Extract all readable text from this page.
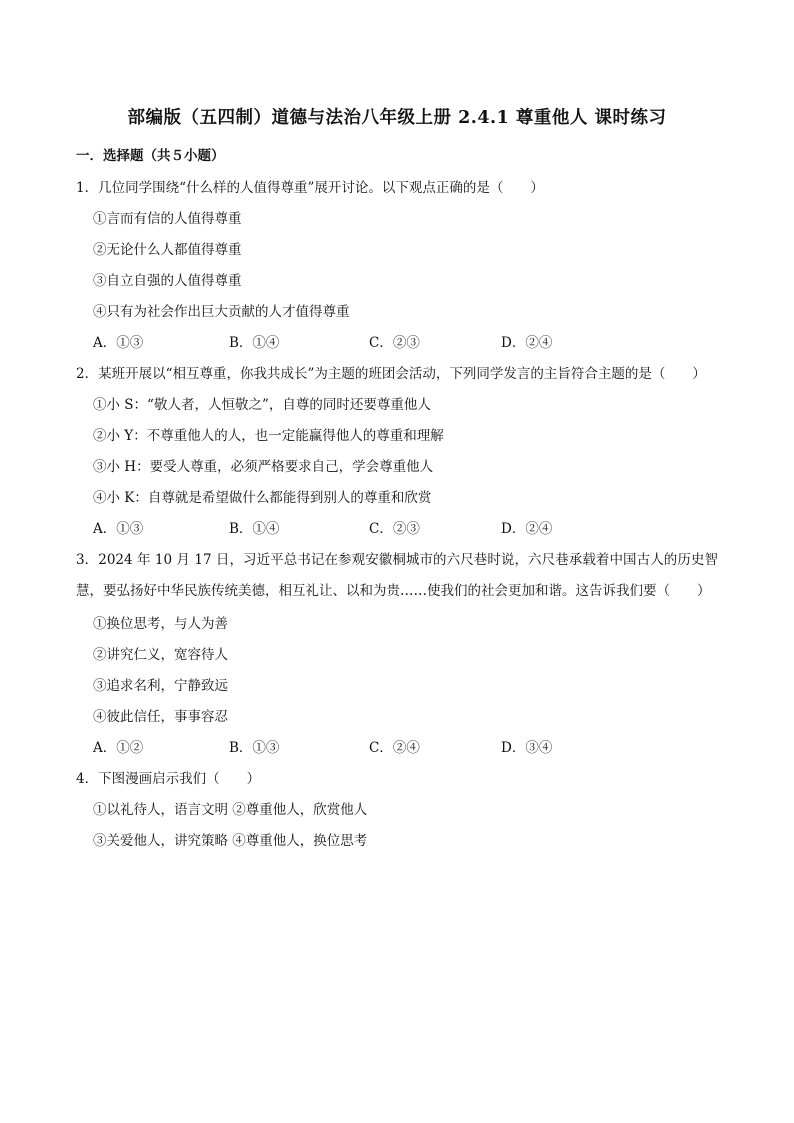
部编版（五四制）道德与法治八年级上册 2.4.1 尊重他人 课时练习
一．选择题（共５小题）
1．几位同学围绕“什么样的人值得尊重”展开讨论。以下观点正确的是（　　）
①言而有信的人值得尊重
②无论什么人都值得尊重
③自立自强的人值得尊重
④只有为社会作出巨大贡献的人才值得尊重
A．①③	B．①④	C．②③	D．②④
2．某班开展以“相互尊重，你我共成长”为主题的班团会活动，下列同学发言的主旨符合主题的是（　　）
①小 S：“敬人者，人恒敬之”，自尊的同时还要尊重他人
②小 Y：不尊重他人的人，也一定能赢得他人的尊重和理解
③小 H：要受人尊重，必须严格要求自己，学会尊重他人
④小 K：自尊就是希望做什么都能得到别人的尊重和欣赏
A．①③	B．①④	C．②③	D．②④
3．2024 年 10 月 17 日，习近平总书记在参观安徽桐城市的六尺巷时说，六尺巷承载着中国古人的历史智
慧，要弘扬好中华民族传统美德，相互礼让、以和为贵……使我们的社会更加和谐。这告诉我们要（　　）
①换位思考，与人为善
②讲究仁义，宽容待人
③追求名利，宁静致远
④彼此信任，事事容忍
A．①②	B．①③	C．②④	D．③④
4．下图漫画启示我们（　　）
①以礼待人，语言文明 ②尊重他人，欣赏他人
③关爱他人，讲究策略 ④尊重他人，换位思考
